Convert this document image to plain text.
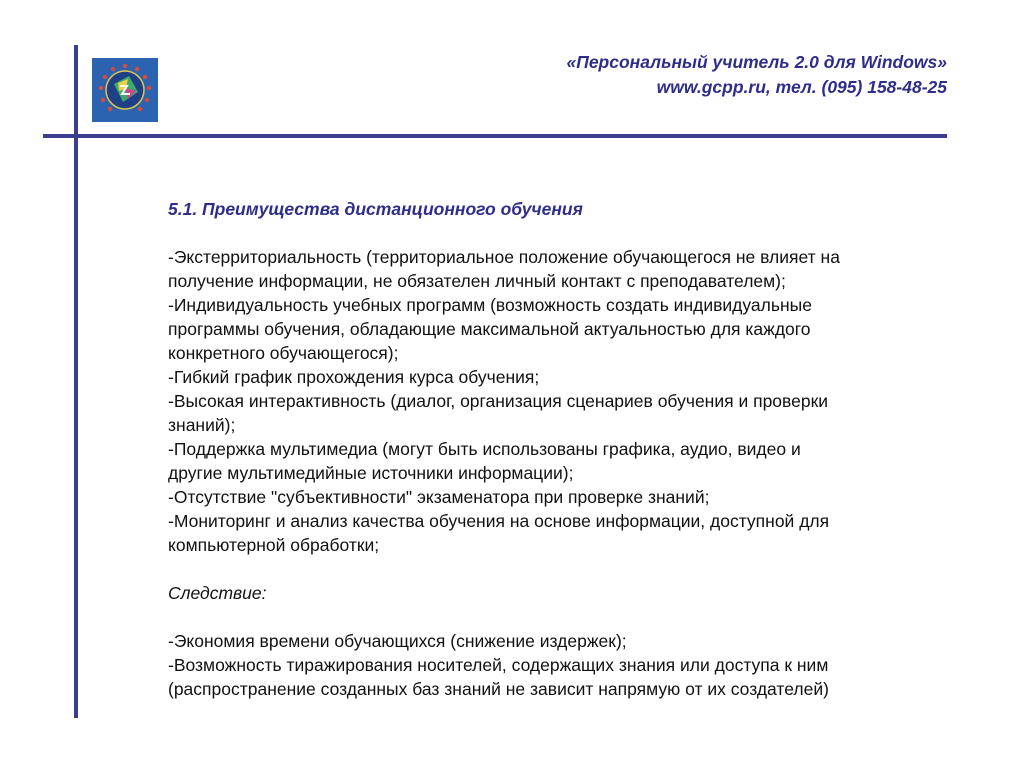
«Персональный учитель 2.0 для Windows»
www.gcpp.ru, тел. (095) 158-48-25

5.1. Преимущества дистанционного обучения

-Экстерриториальность (территориальное положение обучающегося не влияет на

получение информации, не обязателен личный контакт с преподавателем);

-Индивидуальность учебных программ (возможность создать индивидуальные

программы обучения, обладающие максимальной актуальностью для каждого

конкретного обучающегося);

-Гибкий график прохождения курса обучения;

-Высокая интерактивность (диалог, организация сценариев обучения и проверки

знаний);

-Поддержка мультимедиа (могут быть использованы графика, аудио, видео и

другие мультимедийные источники информации);

-Отсутствие "субъективности" экзаменатора при проверке знаний;

-Мониторинг и анализ качества обучения на основе информации, доступной для

компьютерной обработки;

Следствие:

-Экономия времени обучающихся (снижение издержек);

-Возможность тиражирования носителей, содержащих знания или доступа к ним

(распространение созданных баз знаний не зависит напрямую от их создателей)
